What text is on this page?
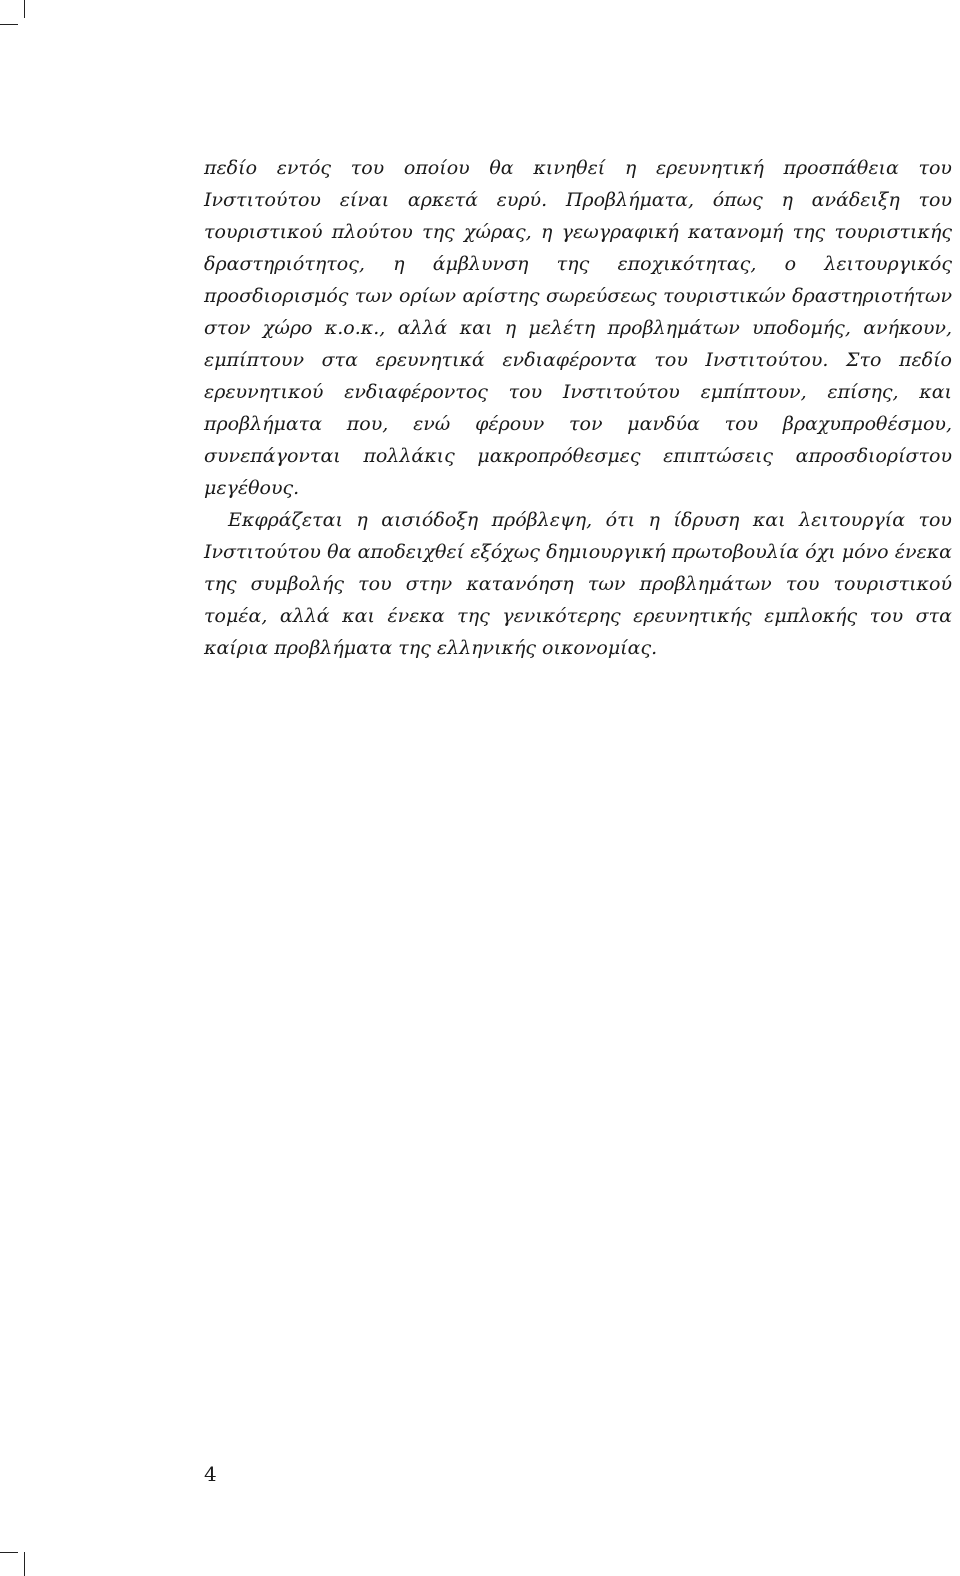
πεδίο εντός του οποίου θα κινηθεί η ερευνητική προσπάθεια του Ινστιτούτου είναι αρκετά ευρύ. Προβλήματα, όπως η ανάδειξη του τουριστικού πλούτου της χώρας, η γεωγραφική κατανομή της τουριστικής δραστηριότητος, η άμβλυνση της εποχικότητας, ο λειτουργικός προσδιορισμός των ορίων αρίστης σωρεύσεως τουριστικών δραστηριοτήτων στον χώρο κ.ο.κ., αλλά και η μελέτη προβλημάτων υποδομής, ανήκουν, εμπίπτουν στα ερευνητικά ενδιαφέροντα του Ινστιτούτου. Στο πεδίο ερευνητικού ενδιαφέροντος του Ινστιτούτου εμπίπτουν, επίσης, και προβλήματα που, ενώ φέρουν τον μανδύα του βραχυπροθέσμου, συνεπάγονται πολλάκις μακροπρόθεσμες επιπτώσεις απροσδιορίστου μεγέθους.

Εκφράζεται η αισιόδοξη πρόβλεψη, ότι η ίδρυση και λειτουργία του Ινστιτούτου θα αποδειχθεί εξόχως δημιουργική πρωτοβουλία όχι μόνο ένεκα της συμβολής του στην κατανόηση των προβλημάτων του τουριστικού τομέα, αλλά και ένεκα της γενικότερης ερευνητικής εμπλοκής του στα καίρια προβλήματα της ελληνικής οικονομίας.

4
